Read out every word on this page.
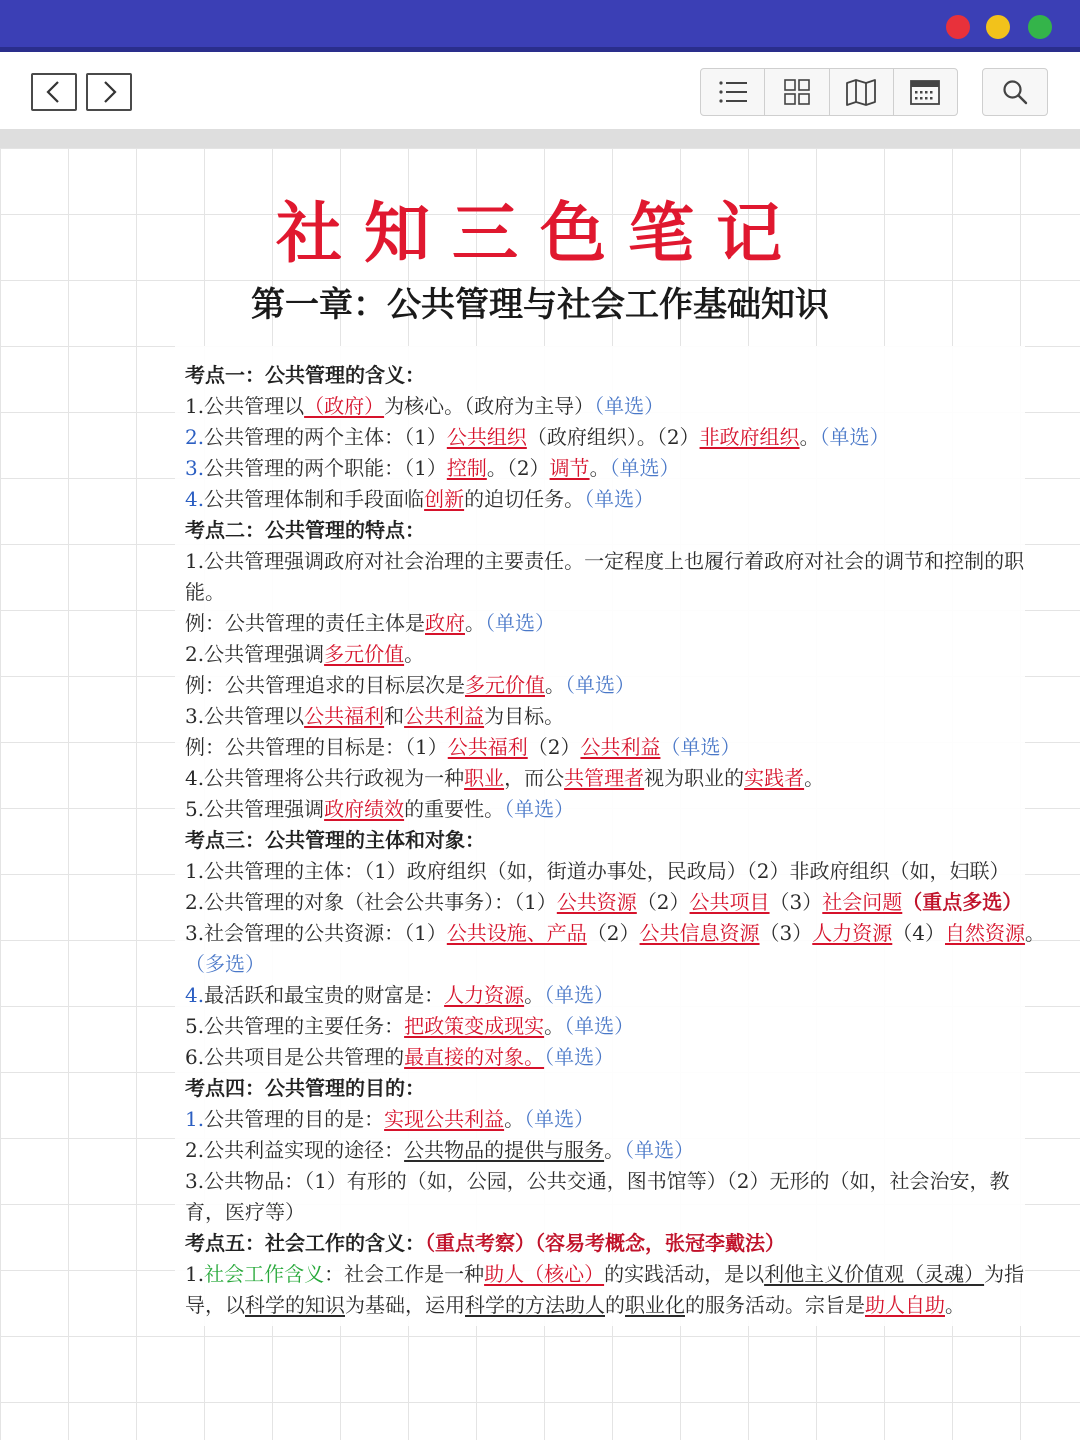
社知三色笔记
第一章：公共管理与社会工作基础知识
考点一：公共管理的含义：
1.公共管理以（政府）为核心。（政府为主导）（单选）
2.公共管理的两个主体：（1）公共组织（政府组织）。（2）非政府组织。（单选）
3.公共管理的两个职能：（1）控制。（2）调节。（单选）
4.公共管理体制和手段面临创新的迫切任务。（单选）
考点二：公共管理的特点：
1.公共管理强调政府对社会治理的主要责任。一定程度上也履行着政府对社会的调节和控制的职
能。
例：公共管理的责任主体是政府。（单选）
2.公共管理强调多元价值。
例：公共管理追求的目标层次是多元价值。（单选）
3.公共管理以公共福利和公共利益为目标。
例：公共管理的目标是：（1）公共福利（2）公共利益（单选）
4.公共管理将公共行政视为一种职业，而公共管理者视为职业的实践者。
5.公共管理强调政府绩效的重要性。（单选）
考点三：公共管理的主体和对象：
1.公共管理的主体：（1）政府组织（如，街道办事处，民政局）（2）非政府组织（如，妇联）
2.公共管理的对象（社会公共事务）：（1）公共资源（2）公共项目（3）社会问题（重点多选）
3.社会管理的公共资源：（1）公共设施、产品（2）公共信息资源（3）人力资源（4）自然资源。
（多选）
4.最活跃和最宝贵的财富是：人力资源。（单选）
5.公共管理的主要任务：把政策变成现实。（单选）
6.公共项目是公共管理的最直接的对象。（单选）
考点四：公共管理的目的：
1.公共管理的目的是：实现公共利益。（单选）
2.公共利益实现的途径：公共物品的提供与服务。（单选）
3.公共物品：（1）有形的（如，公园，公共交通，图书馆等）（2）无形的（如，社会治安，教
育，医疗等）
考点五：社会工作的含义：（重点考察）（容易考概念，张冠李戴法）
1.社会工作含义：社会工作是一种助人（核心）的实践活动，是以利他主义价值观（灵魂）为指
导，以科学的知识为基础，运用科学的方法助人的职业化的服务活动。宗旨是助人自助。
